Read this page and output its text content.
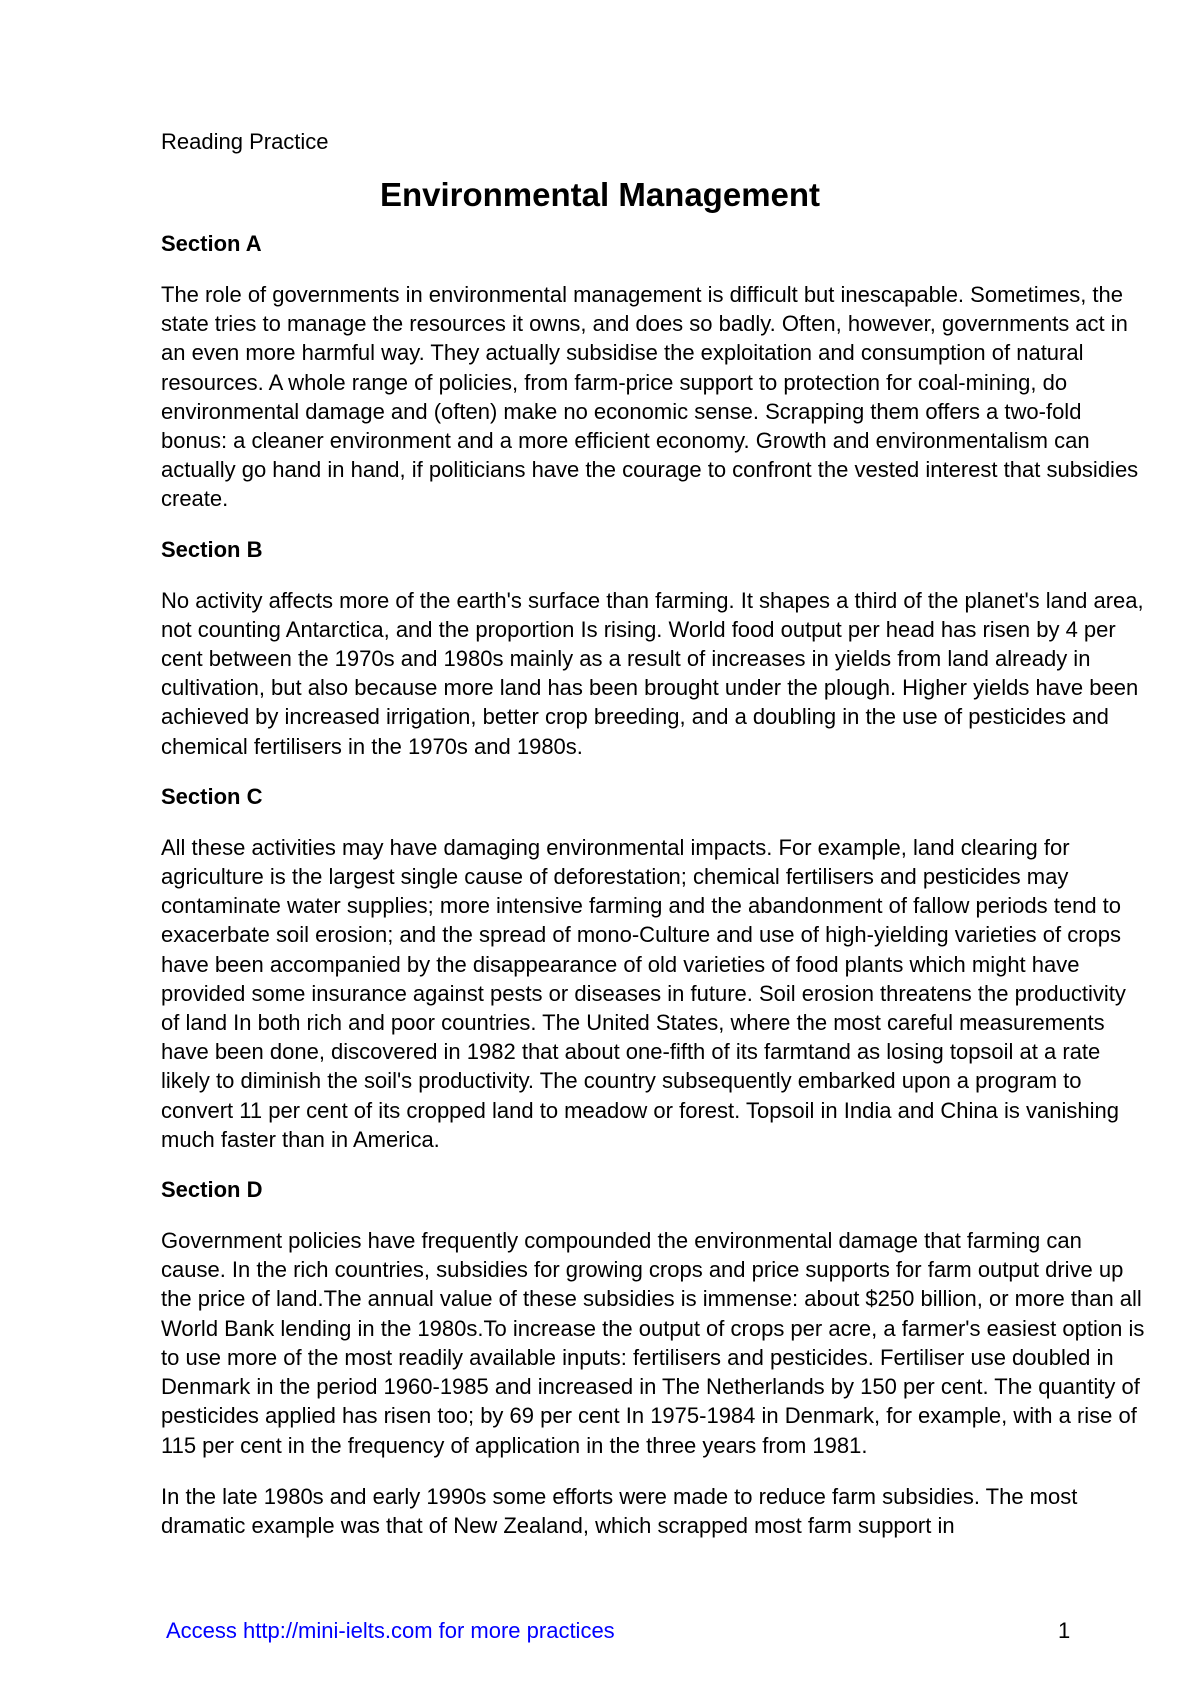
Reading Practice
Environmental Management
Section A

The role of governments in environmental management is difficult but inescapable. Sometimes, the state tries to manage the resources it owns, and does so badly. Often, however, governments act in an even more harmful way. They actually subsidise the exploitation and consumption of natural resources. A whole range of policies, from farm-price support to protection for coal-mining, do environmental damage and (often) make no economic sense. Scrapping them offers a two-fold bonus: a cleaner environment and a more efficient economy. Growth and environmentalism can actually go hand in hand, if politicians have the courage to confront the vested interest that subsidies create.

Section B

No activity affects more of the earth's surface than farming. It shapes a third of the planet's land area, not counting Antarctica, and the proportion Is rising. World food output per head has risen by 4 per cent between the 1970s and 1980s mainly as a result of increases in yields from land already in cultivation, but also because more land has been brought under the plough. Higher yields have been achieved by increased irrigation, better crop breeding, and a doubling in the use of pesticides and chemical fertilisers in the 1970s and 1980s.

Section C

All these activities may have damaging environmental impacts. For example, land clearing for agriculture is the largest single cause of deforestation; chemical fertilisers and pesticides may contaminate water supplies; more intensive farming and the abandonment of fallow periods tend to exacerbate soil erosion; and the spread of mono-Culture and use of high-yielding varieties of crops have been accompanied by the disappearance of old varieties of food plants which might have provided some insurance against pests or diseases in future. Soil erosion threatens the productivity of land In both rich and poor countries. The United States, where the most careful measurements have been done, discovered in 1982 that about one-fifth of its farmtand as losing topsoil at a rate likely to diminish the soil's productivity. The country subsequently embarked upon a program to convert 11 per cent of its cropped land to meadow or forest. Topsoil in India and China is vanishing much faster than in America.

Section D

Government policies have frequently compounded the environmental damage that farming can cause. In the rich countries, subsidies for growing crops and price supports for farm output drive up the price of land.The annual value of these subsidies is immense: about $250 billion, or more than all World Bank lending in the 1980s.To increase the output of crops per acre, a farmer's easiest option is to use more of the most readily available inputs: fertilisers and pesticides. Fertiliser use doubled in Denmark in the period 1960-1985 and increased in The Netherlands by 150 per cent. The quantity of pesticides applied has risen too; by 69 per cent In 1975-1984 in Denmark, for example, with a rise of 115 per cent in the frequency of application in the three years from 1981.

In the late 1980s and early 1990s some efforts were made to reduce farm subsidies. The most dramatic example was that of New Zealand, which scrapped most farm support in

Access http://mini-ielts.com for more practices	1
